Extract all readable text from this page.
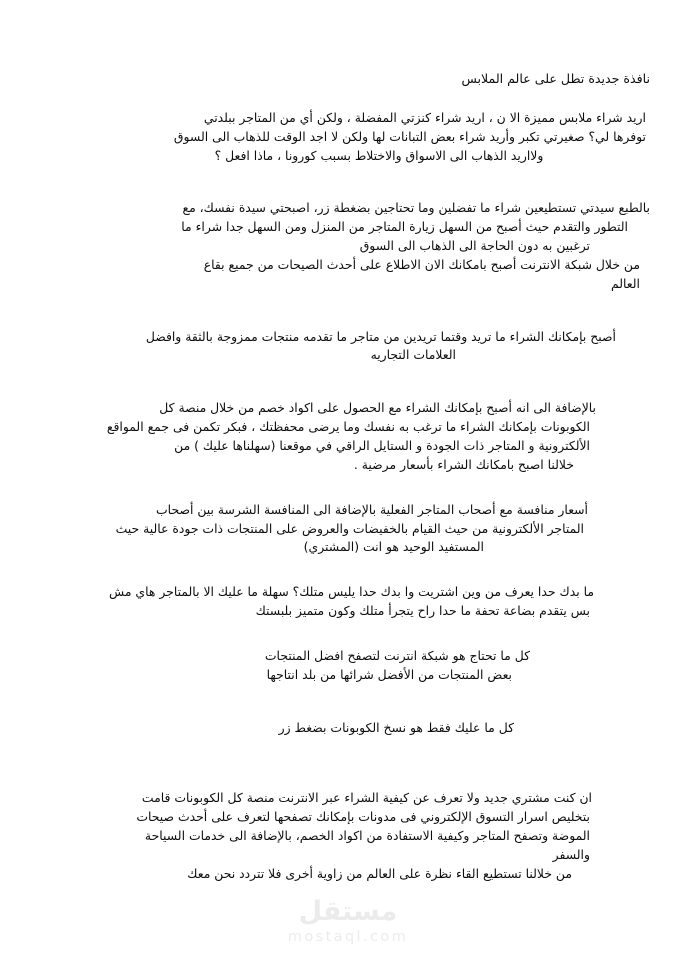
نافذة جديدة تطل على عالم الملابس

اريد شراء ملابس مميزة الا ن ، اريد شراء كنزتي المفضلة ، ولكن أي من المتاجر ببلدتي

توفرها لي؟ صغيرتي تكبر وأريد شراء بعض التبانات لها ولكن لا اجد الوقت للذهاب الى السوق

ولااريد الذهاب الى الاسواق والاختلاط بسبب كورونا ، ماذا افعل ؟

بالطبع سيدتي تستطيعين شراء ما تفضلين وما تحتاجين بضغطة زر، اصبحتي سيدة نفسك، مع

التطور والتقدم حيث أصبح من السهل زيارة المتاجر من المنزل ومن السهل جدا شراء ما

ترغبين به دون الحاجة الى الذهاب الى السوق

من خلال شبكة الانترنت أصبح بامكانك الان الاطلاع على أحدث الصيحات من جميع بقاع

العالم

أصبح بإمكانك الشراء ما تريد وقتما تريدين من متاجر ما تقدمه منتجات ممزوجة بالثقة وافضل

العلامات التجاريه

بالإضافة الى انه أصبح بإمكانك الشراء مع الحصول على اكواد خصم من خلال منصة كل

الكوبونات بإمكانك الشراء ما ترغب به نفسك وما يرضى محفظتك ، فبكر تكمن فى جمع المواقع

الألكترونية و المتاجر ذات الجودة و الستايل الراقي في موقعنا (سهلناها عليك ) من

خلالنا اصبح بامكانك الشراء بأسعار مرضية .

أسعار منافسة مع أصحاب المتاجر الفعلية بالإضافة الى المنافسة الشرسة بين أصحاب

المتاجر الألكترونية من حيث القيام بالخفيضات والعروض على المنتجات ذات جودة عالية حيث

المستفيد الوحيد هو انت (المشتري)

ما بدك حدا يعرف من وين اشتريت وا بدك حدا يليس متلك؟ سهلة ما عليك الا بالمتاجر هاي مش

بس يتقدم بضاعة تحفة ما حدا راح يتجرأ متلك وكون متميز بلبستك

كل ما تحتاج هو شبكة انترنت لتصفح افضل المنتجات

بعض المنتجات من الأفضل شرائها من بلد انتاجها

كل ما عليك فقط هو نسخ الكوبونات بضغط زر

ان كنت مشتري جديد ولا تعرف عن كيفية الشراء عبر الانترنت منصة كل الكوبونات قامت

بتخليص اسرار التسوق الإلكتروني فى مدونات بإمكانك تصفحها لتعرف على أحدث صيحات

الموضة وتصفح المتاجر وكيفية الاستفادة من اكواد الخصم، بالإضافة الى خدمات السياحة

والسفر

من خلالنا تستطيع القاء نظرة على العالم من زاوية أخرى فلا تتردد نحن معك

مستقل
mostaql.com
